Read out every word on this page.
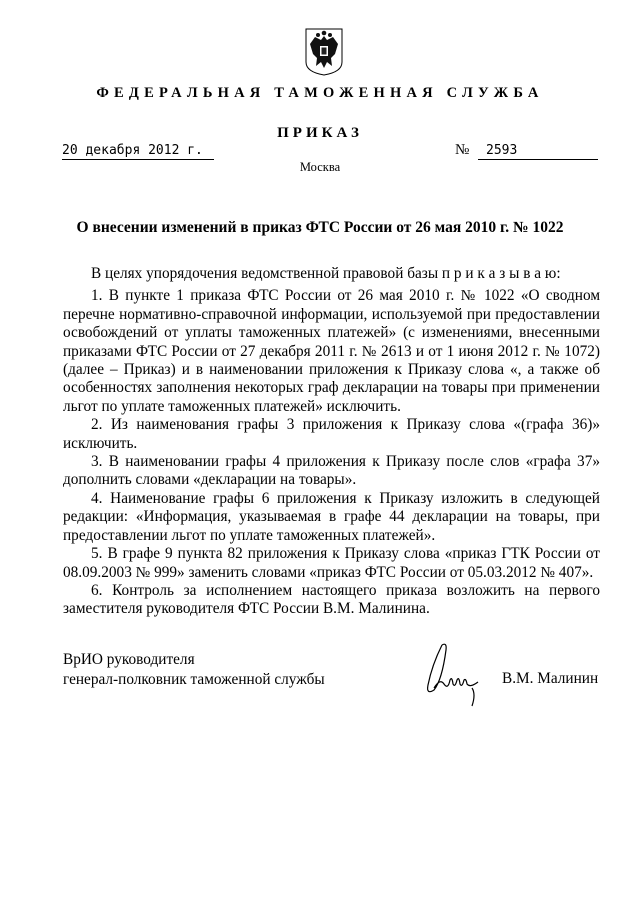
ФЕДЕРАЛЬНАЯ ТАМОЖЕННАЯ СЛУЖБА
ПРИКАЗ
20 декабря 2012 г.	№	2593
Москва
О внесении изменений в приказ ФТС России от 26 мая 2010 г. № 1022

В целях упорядочения ведомственной правовой базы п р и к а з ы в а ю:

1. В пункте 1 приказа ФТС России от 26 мая 2010 г. № 1022 «О сводном перечне нормативно-справочной информации, используемой при предоставлении освобождений от уплаты таможенных платежей» (с изменениями, внесенными приказами ФТС России от 27 декабря 2011 г. № 2613 и от 1 июня 2012 г. № 1072) (далее – Приказ) и в наименовании приложения к Приказу слова «, а также об особенностях заполнения некоторых граф декларации на товары при применении льгот по уплате таможенных платежей» исключить.

2. Из наименования графы 3 приложения к Приказу слова «(графа 36)» исключить.

3. В наименовании графы 4 приложения к Приказу после слов «графа 37» дополнить словами «декларации на товары».

4. Наименование графы 6 приложения к Приказу изложить в следующей редакции: «Информация, указываемая в графе 44 декларации на товары, при предоставлении льгот по уплате таможенных платежей».

5. В графе 9 пункта 82 приложения к Приказу слова «приказ ГТК России от 08.09.2003 № 999» заменить словами «приказ ФТС России от 05.03.2012 № 407».

6. Контроль за исполнением настоящего приказа возложить на первого заместителя руководителя ФТС России В.М. Малинина.

ВрИО руководителя
генерал-полковник таможенной службы	В.М. Малинин
